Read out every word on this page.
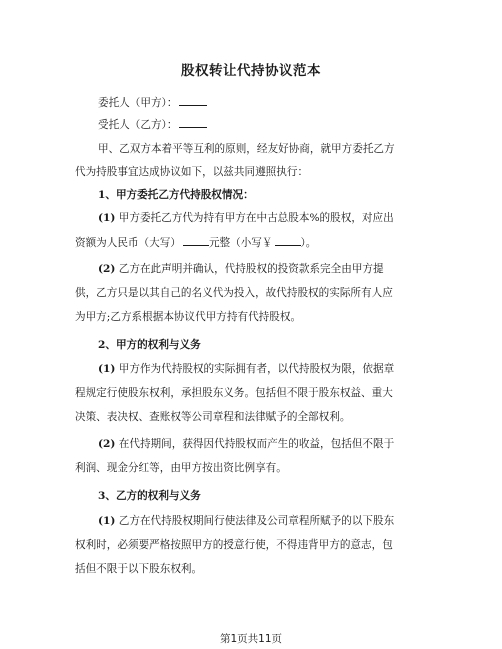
股权转让代持协议范本
委托人（甲方）：
受托人（乙方）：
甲、乙双方本着平等互利的原则，经友好协商，就甲方委托乙方
代为持股事宜达成协议如下，以兹共同遵照执行：
1、甲方委托乙方代持股权情况：
(1) 甲方委托乙方代为持有甲方在中古总股本%的股权，对应出
资额为人民币（大写）	元整（小写￥	）。
(2) 乙方在此声明并确认，代持股权的投资款系完全由甲方提
供，乙方只是以其自己的名义代为投入，故代持股权的实际所有人应
为甲方;乙方系根据本协议代甲方持有代持股权。
2、甲方的权利与义务
(1) 甲方作为代持股权的实际拥有者，以代持股权为限，依据章
程规定行使股东权利，承担股东义务。包括但不限于股东权益、重大
决策、表决权、查账权等公司章程和法律赋予的全部权利。
(2) 在代持期间，获得因代持股权而产生的收益，包括但不限于
利润、现金分红等，由甲方按出资比例享有。
3、乙方的权利与义务
(1) 乙方在代持股权期间行使法律及公司章程所赋予的以下股东
权利时，必须要严格按照甲方的授意行使，不得违背甲方的意志，包
括但不限于以下股东权利。
第1页共11页
